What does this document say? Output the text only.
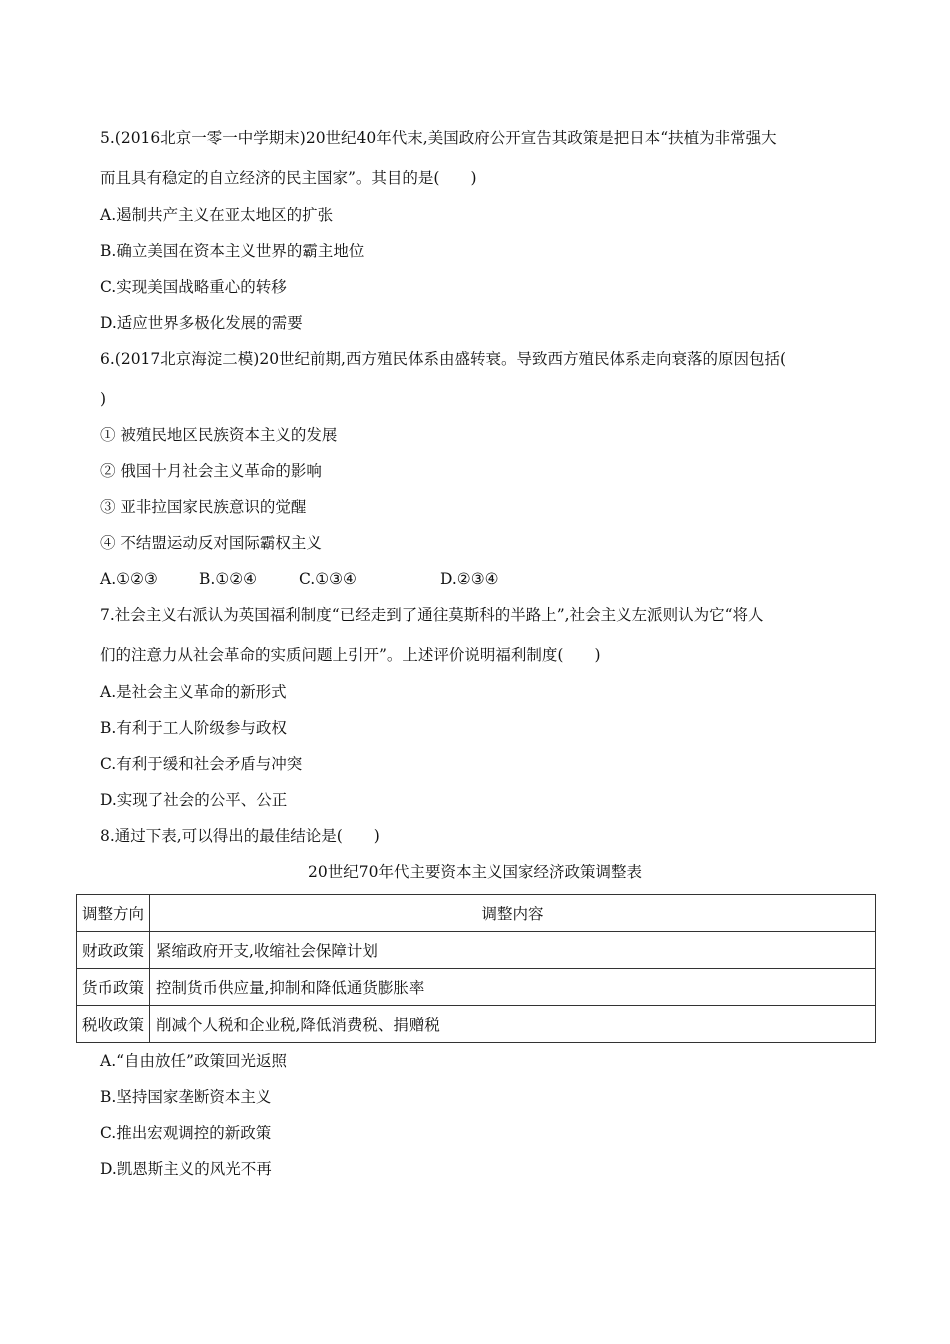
5.(2016北京一零一中学期末)20世纪40年代末,美国政府公开宣告其政策是把日本“扶植为非常强大
而且具有稳定的自立经济的民主国家”。其目的是(　　)
A.遏制共产主义在亚太地区的扩张
B.确立美国在资本主义世界的霸主地位
C.实现美国战略重心的转移
D.适应世界多极化发展的需要
6.(2017北京海淀二模)20世纪前期,西方殖民体系由盛转衰。导致西方殖民体系走向衰落的原因包括(
)
① 被殖民地区民族资本主义的发展
② 俄国十月社会主义革命的影响
③ 亚非拉国家民族意识的觉醒
④ 不结盟运动反对国际霸权主义
A.①②③	B.①②④	C.①③④	D.②③④
7.社会主义右派认为英国福利制度“已经走到了通往莫斯科的半路上”,社会主义左派则认为它“将人
们的注意力从社会革命的实质问题上引开”。上述评价说明福利制度(　　)
A.是社会主义革命的新形式
B.有利于工人阶级参与政权
C.有利于缓和社会矛盾与冲突
D.实现了社会的公平、公正
8.通过下表,可以得出的最佳结论是(　　)
20世纪70年代主要资本主义国家经济政策调整表
调整方向	调整内容
财政政策	紧缩政府开支,收缩社会保障计划
货币政策	控制货币供应量,抑制和降低通货膨胀率
税收政策	削减个人税和企业税,降低消费税、捐赠税
A.“自由放任”政策回光返照
B.坚持国家垄断资本主义
C.推出宏观调控的新政策
D.凯恩斯主义的风光不再
